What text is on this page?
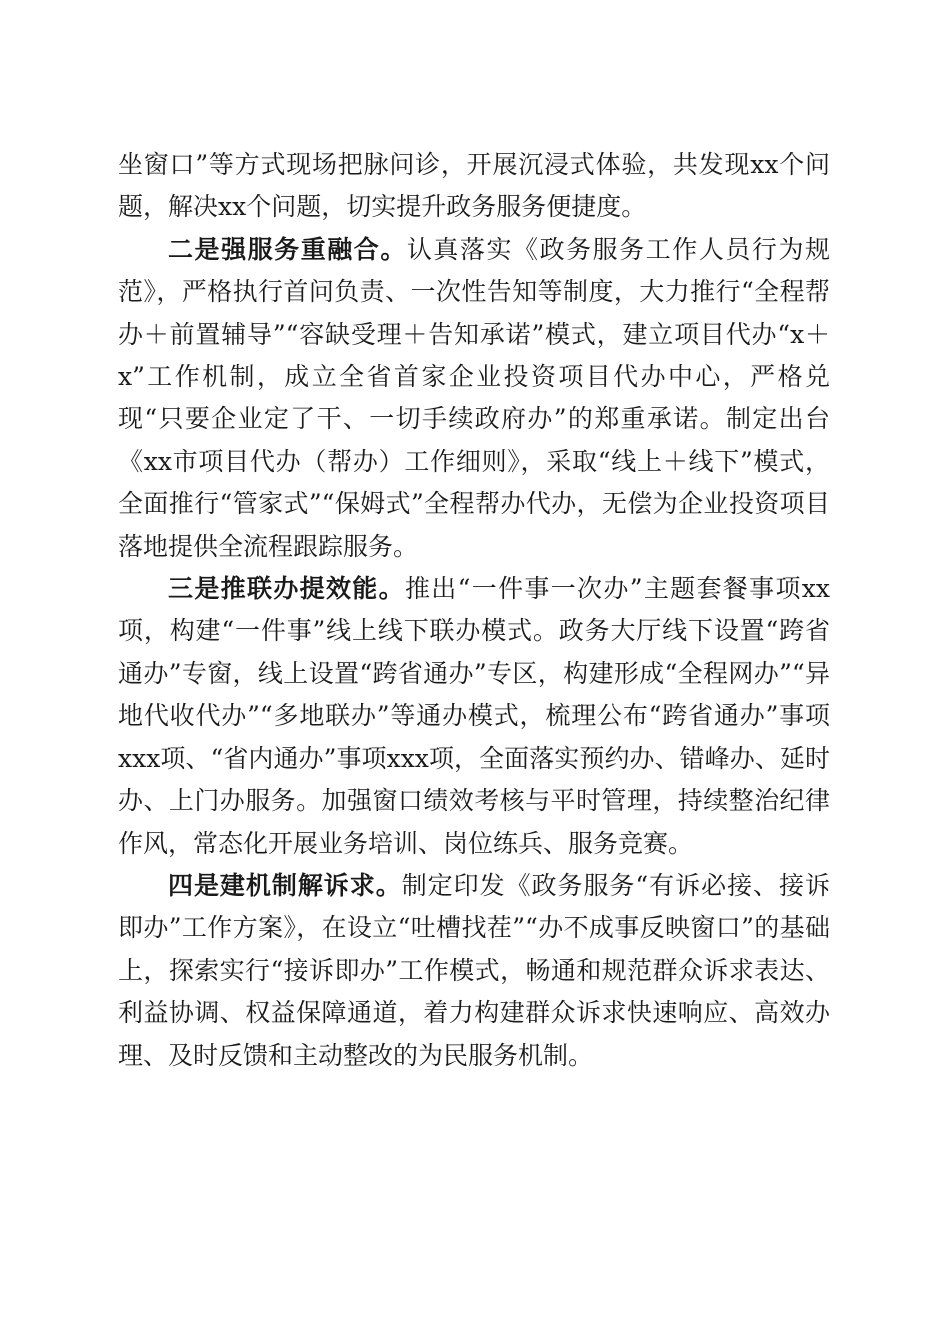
坐窗口”等方式现场把脉问诊，开展沉浸式体验，共发现xx个问题，解决xx个问题，切实提升政务服务便捷度。

二是强服务重融合。认真落实《政务服务工作人员行为规范》，严格执行首问负责、一次性告知等制度，大力推行“全程帮办＋前置辅导”“容缺受理＋告知承诺”模式，建立项目代办“x＋x”工作机制，成立全省首家企业投资项目代办中心，严格兑现“只要企业定了干、一切手续政府办”的郑重承诺。制定出台《xx市项目代办（帮办）工作细则》，采取“线上＋线下”模式，全面推行“管家式”“保姆式”全程帮办代办，无偿为企业投资项目落地提供全流程跟踪服务。

三是推联办提效能。推出“一件事一次办”主题套餐事项xx项，构建“一件事”线上线下联办模式。政务大厅线下设置“跨省通办”专窗，线上设置“跨省通办”专区，构建形成“全程网办”“异地代收代办”“多地联办”等通办模式，梳理公布“跨省通办”事项xxx项、“省内通办”事项xxx项，全面落实预约办、错峰办、延时办、上门办服务。加强窗口绩效考核与平时管理，持续整治纪律作风，常态化开展业务培训、岗位练兵、服务竞赛。

四是建机制解诉求。制定印发《政务服务“有诉必接、接诉即办”工作方案》，在设立“吐槽找茬”“办不成事反映窗口”的基础上，探索实行“接诉即办”工作模式，畅通和规范群众诉求表达、利益协调、权益保障通道，着力构建群众诉求快速响应、高效办理、及时反馈和主动整改的为民服务机制。
